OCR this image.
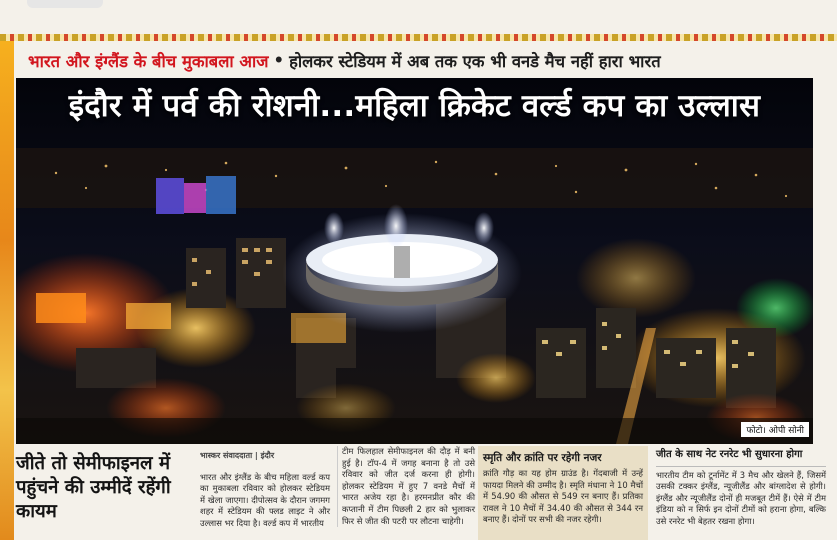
भारत और इंग्लैंड के बीच मुकाबला आज • होलकर स्टेडियम में अब तक एक भी वनडे मैच नहीं हारा भारत
इंदौर में पर्व की रोशनी...महिला क्रिकेट वर्ल्ड कप का उल्लास
फोटो। ओपी सोनी
जीते तो सेमीफाइनल में पहुंचने की उम्मीदें रहेंगी कायम
भास्कर संवाददाता | इंदौर
भारत और इंग्लैंड के बीच महिला वर्ल्ड कप का मुकाबला रविवार को होलकर स्टेडियम में खेला जाएगा। दीपोत्सव के दौरान जगमग शहर में स्टेडियम की फ्लड लाइट ने और उल्लास भर दिया है। वर्ल्ड कप में भारतीय
टीम फिलहाल सेमीफाइनल की दौड़ में बनी हुई है। टॉप-4 में जगह बनाना है तो उसे रविवार को जीत दर्ज करना ही होगी। होलकर स्टेडियम में हुए 7 वनडे मैचों में भारत अजेय रहा है। हरमनप्रीत कौर की कप्तानी में टीम पिछली 2 हार को भुलाकर फिर से जीत की पटरी पर लौटना चाहेगी।
स्मृति और क्रांति पर रहेगी नजर
क्रांति गौड़ का यह होम ग्राउंड है। गेंदबाजी में उन्हें फायदा मिलने की उम्मीद है। स्मृति मंधाना ने 10 मैचों में 54.90 की औसत से 549 रन बनाए हैं। प्रतिका रावल ने 10 मैचों में 34.40 की औसत से 344 रन बनाए हैं। दोनों पर सभी की नजर रहेगी।
जीत के साथ नेट रनरेट भी सुधारना होगा
भारतीय टीम को टूर्नामेंट में 3 मैच और खेलने हैं, जिसमें उसकी टक्कर इंग्लैंड, न्यूजीलैंड और बांग्लादेश से होगी। इंग्लैंड और न्यूजीलैंड दोनों ही मजबूत टीमें हैं। ऐसे में टीम इंडिया को न सिर्फ इन दोनों टीमों को हराना होगा, बल्कि उसे रनरेट भी बेहतर रखना होगा।
